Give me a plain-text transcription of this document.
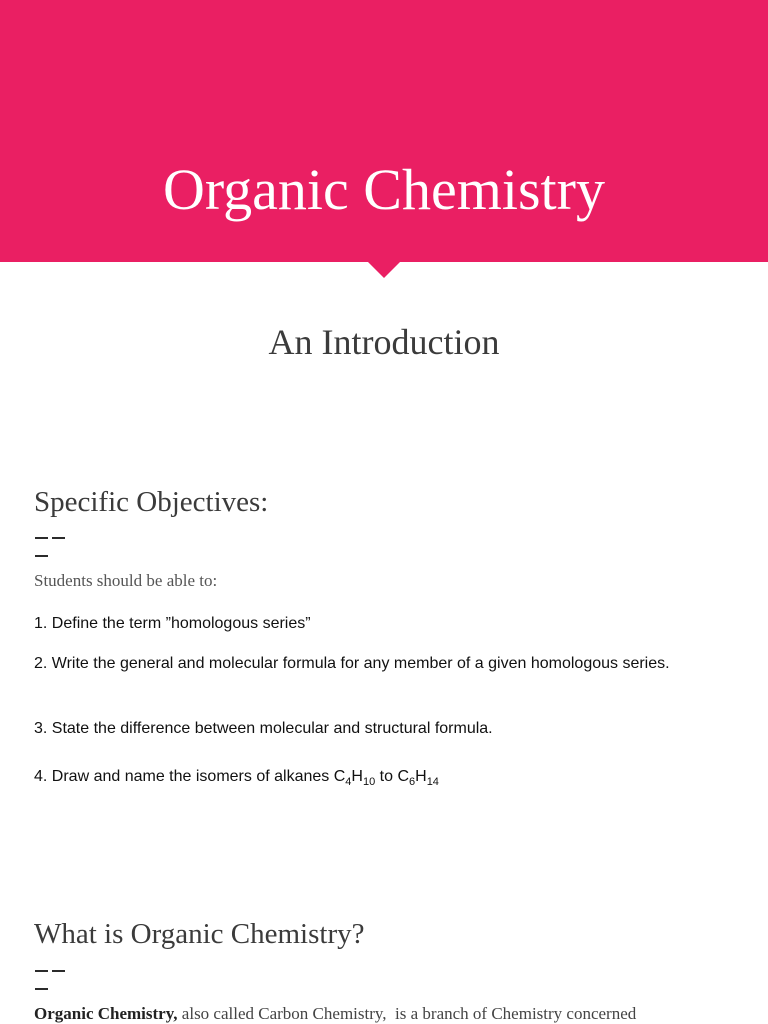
Organic Chemistry
An Introduction
Specific Objectives:

Students should be able to:

1. Define the term ”homologous series”

2. Write the general and molecular formula for any member of a given homologous series.

3. State the difference between molecular and structural formula.

4. Draw and name the isomers of alkanes $C_4H_{10}$ to $C_6H_{14}$

What is Organic Chemistry?

Organic Chemistry, also called Carbon Chemistry,  is a branch of Chemistry concerned
